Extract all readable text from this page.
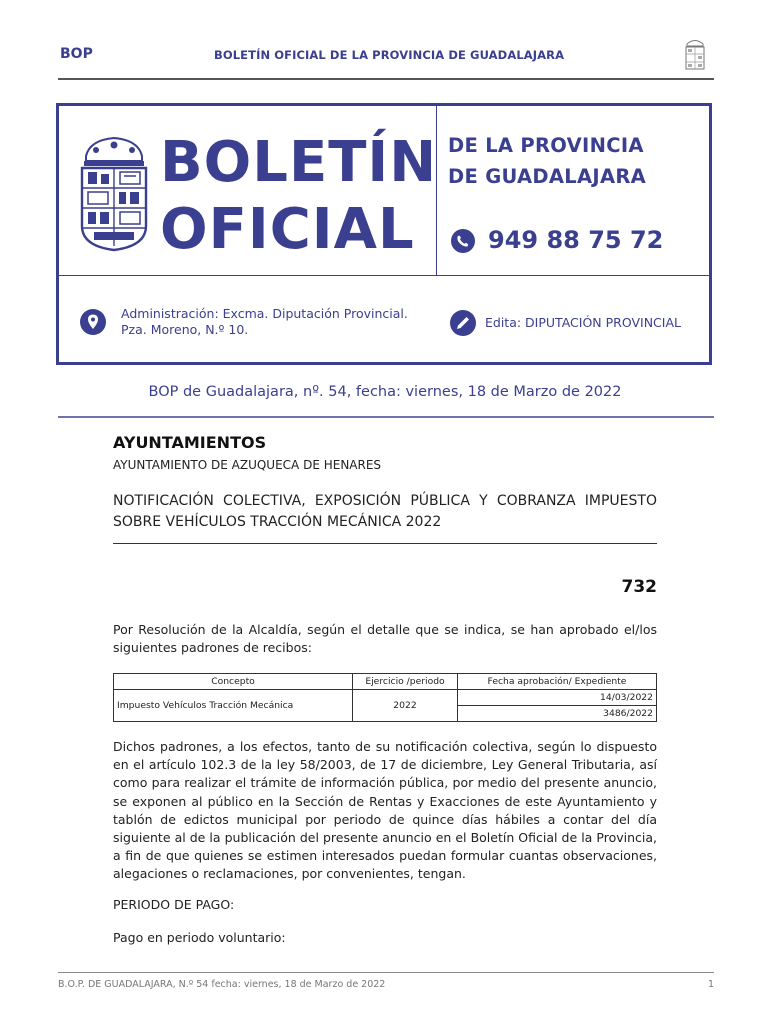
BOP	BOLETÍN OFICIAL DE LA PROVINCIA DE GUADALAJARA
BOLETÍN
OFICIAL
DE LA PROVINCIA
DE GUADALAJARA
949 88 75 72
Administración: Excma. Diputación Provincial.
Pza. Moreno, N.º 10.	Edita: DIPUTACIÓN PROVINCIAL
BOP de Guadalajara, nº. 54, fecha: viernes, 18 de Marzo de 2022
AYUNTAMIENTOS
AYUNTAMIENTO DE AZUQUECA DE HENARES
NOTIFICACIÓN COLECTIVA, EXPOSICIÓN PÚBLICA Y COBRANZA IMPUESTO SOBRE VEHÍCULOS TRACCIÓN MECÁNICA 2022
732
Por Resolución de la Alcaldía, según el detalle que se indica, se han aprobado el/los siguientes padrones de recibos:
Concepto	Ejercicio /periodo	Fecha aprobación/ Expediente
Impuesto Vehículos Tracción Mecánica	2022	14/03/2022
		3486/2022
Dichos padrones, a los efectos, tanto de su notificación colectiva, según lo dispuesto en el artículo 102.3 de la ley 58/2003, de 17 de diciembre, Ley General Tributaria, así como para realizar el trámite de información pública, por medio del presente anuncio, se exponen al público en la Sección de Rentas y Exacciones de este Ayuntamiento y tablón de edictos municipal por periodo de quince días hábiles a contar del día siguiente al de la publicación del presente anuncio en el Boletín Oficial de la Provincia, a fin de que quienes se estimen interesados puedan formular cuantas observaciones, alegaciones o reclamaciones, por convenientes, tengan.
PERIODO DE PAGO:
Pago en periodo voluntario:
B.O.P. DE GUADALAJARA, N.º 54 fecha: viernes, 18 de Marzo de 2022	1
